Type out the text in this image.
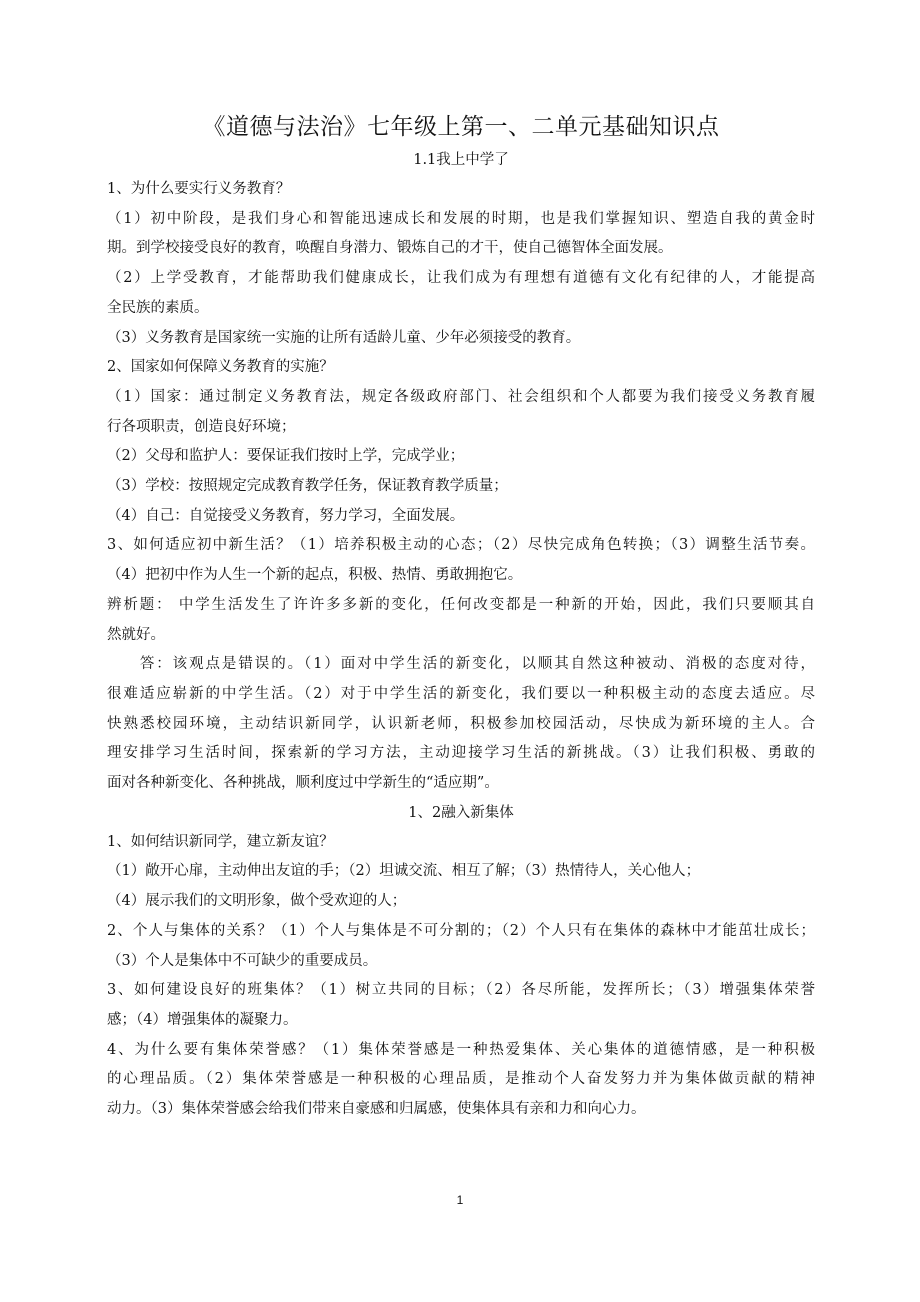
《道德与法治》七年级上第一、二单元基础知识点
1.1我上中学了

1、为什么要实行义务教育？

（1）初中阶段，是我们身心和智能迅速成长和发展的时期，也是我们掌握知识、塑造自我的黄金时

期。到学校接受良好的教育，唤醒自身潜力、锻炼自己的才干，使自己德智体全面发展。

（2）上学受教育，才能帮助我们健康成长，让我们成为有理想有道德有文化有纪律的人，才能提高

全民族的素质。

（3）义务教育是国家统一实施的让所有适龄儿童、少年必须接受的教育。

2、国家如何保障义务教育的实施？

（1）国家：通过制定义务教育法，规定各级政府部门、社会组织和个人都要为我们接受义务教育履

行各项职责，创造良好环境；

（2）父母和监护人：要保证我们按时上学，完成学业；

（3）学校：按照规定完成教育教学任务，保证教育教学质量；

（4）自己：自觉接受义务教育，努力学习，全面发展。

3、如何适应初中新生活？（1）培养积极主动的心态；（2）尽快完成角色转换；（3）调整生活节奏。

（4）把初中作为人生一个新的起点，积极、热情、勇敢拥抱它。

辨析题： 中学生活发生了许许多多新的变化，任何改变都是一种新的开始，因此，我们只要顺其自

然就好。

　　答：该观点是错误的。（1）面对中学生活的新变化，以顺其自然这种被动、消极的态度对待，

很难适应崭新的中学生活。（2）对于中学生活的新变化，我们要以一种积极主动的态度去适应。尽

快熟悉校园环境，主动结识新同学，认识新老师，积极参加校园活动，尽快成为新环境的主人。合

理安排学习生活时间，探索新的学习方法，主动迎接学习生活的新挑战。（3）让我们积极、勇敢的

面对各种新变化、各种挑战，顺利度过中学新生的“适应期”。

1、2融入新集体

1、如何结识新同学，建立新友谊？

（1）敞开心扉，主动伸出友谊的手；（2）坦诚交流、相互了解；（3）热情待人，关心他人；

（4）展示我们的文明形象，做个受欢迎的人；

2、个人与集体的关系？（1）个人与集体是不可分割的；（2）个人只有在集体的森林中才能茁壮成长；

（3）个人是集体中不可缺少的重要成员。

3、如何建设良好的班集体？（1）树立共同的目标；（2）各尽所能，发挥所长；（3）增强集体荣誉

感；（4）增强集体的凝聚力。

4、为什么要有集体荣誉感？（1）集体荣誉感是一种热爱集体、关心集体的道德情感，是一种积极

的心理品质。（2）集体荣誉感是一种积极的心理品质，是推动个人奋发努力并为集体做贡献的精神

动力。（3）集体荣誉感会给我们带来自豪感和归属感，使集体具有亲和力和向心力。

1
